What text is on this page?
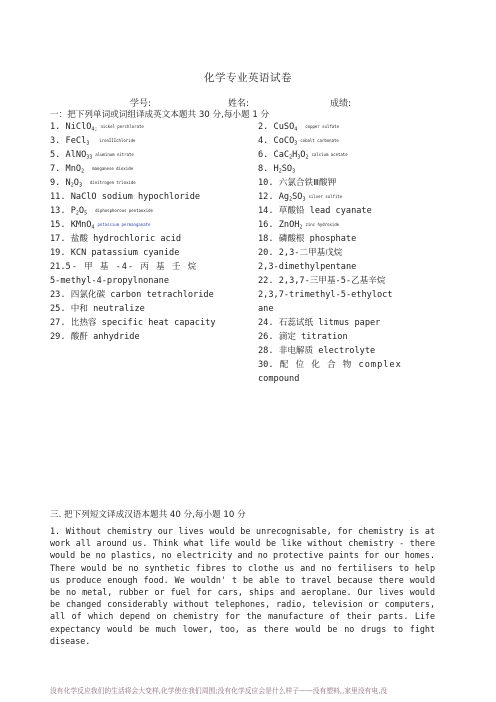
化学专业英语试卷
学号:	姓名:	成绩:
一：把下列单词或词组译成英文本题共 30 分,每小题 1 分
1. NiClO$_{4;}$ nickel perchlorate
3. FeCl$_3$	ironIIIchloride
5. AlNO$_{33}$ aluminum nitrate
7. MnO$_2$ manganese dioxide
9. $N_2O_3$ dinitrogen trioxide
11. NaClO sodium hypochloride
13. $P_2O_5$ diphosphorous pentaoxide
15. KMnO$_4$ potassium permanganate
17. 盐酸 hydrochloric acid
19. KCN patassium cyanide
21.5- 甲 基 -4- 丙 基 壬 烷
5-methyl-4-propylnonane
23. 四氯化碳 carbon tetrachloride
25. 中和 neutralize
27. 比热容 specific heat capacity
29. 酸酐 anhydride
2. CuSO$_4$ copper sulfate
4. CoCO$_3$ cobalt carbonate
6. $CaC_2H_3O_2$ calcium acetate
8. $H_2SO_3$
10. 六氯合铁Ⅲ酸钾
12. $Ag_2SO_3$ silver sulfite
14. 草酸铅 lead cyanate
16. ZnOH$_2$ zinc hydroxide
18. 磷酸根 phosphate
20. 2,3-二甲基戊烷
2,3-dimethylpentane
22. 2,3,7-三甲基-5-乙基辛烷
2,3,7-trimethyl-5-ethyloct
ane
24. 石蕊试纸 litmus paper
26. 滴定 titration
28. 非电解质 electrolyte
30. 配 位 化 合 物 complex
compound
三. 把下列短文译成汉语本题共 40 分,每小题 10 分
1. Without chemistry our lives would be unrecognisable, for chemistry is at work all around us. Think what life would be like without chemistry - there would be no plastics, no electricity and no protective paints for our homes. There would be no synthetic fibres to clothe us and no fertilisers to help us produce enough food. We wouldn' t be able to travel because there would be no metal, rubber or fuel for cars, ships and aeroplane. Our lives would be changed considerably without telephones, radio, television or computers, all of which depend on chemistry for the manufacture of their parts. Life expectancy would be much lower, too, as there would be no drugs to fight disease.
没有化学反应我们的生活将会大变样,化学使在我们周围;没有化学反应会是什么样子——没有塑料,,家里没有电,没
